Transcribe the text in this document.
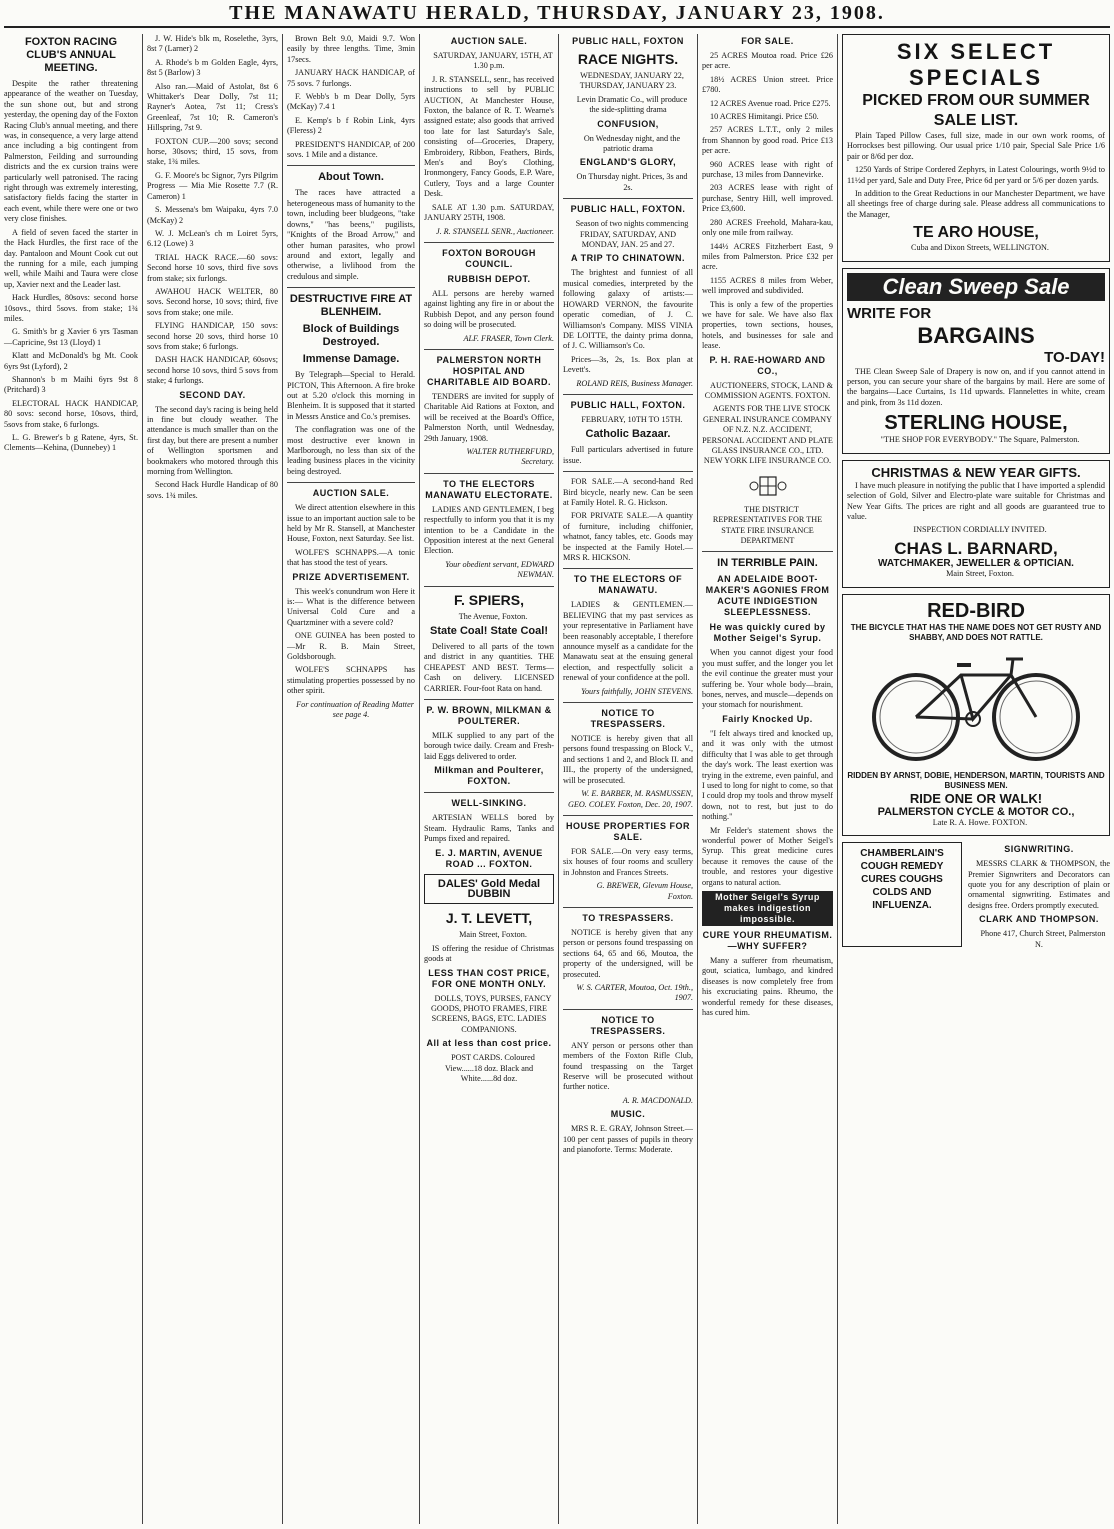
THE MANAWATU HERALD, THURSDAY, JANUARY 23, 1908.
FOXTON RACING CLUB'S ANNUAL MEETING.

Despite the rather threatening appearance of the weather on Tuesday, the sun shone out, but and strong yesterday, the opening day of the Foxton Racing Club's annual meeting, and there was, in consequence, a very large attend ance including a big contingent from Palmerston, Feilding and surrounding districts and the ex cursion trains were particularly well patronised. The racing right through was extremely interesting, satisfactory fields facing the starter in each event, while there were one or two very close finishes.

A field of seven faced the starter in the Hack Hurdles, the first race of the day. Pantaloon and Mount Cook cut out the running for a mile, each jumping well, while Maihi and Taura were close up, Xavier next and the Leader last.

Hack Hurdles, 80sovs: second horse 10sovs., third 5sovs. from stake; 1¾ miles.

G. Smith's br g Xavier 6 yrs Tasman—Capricine, 9st 13 (Lloyd) 1

Klatt and McDonald's bg Mt. Cook 6yrs 9st (Lyford), 2

Shannon's b m Maihi 6yrs 9st 8 (Pritchard) 3

ELECTORAL HACK HANDICAP, 80 sovs: second horse, 10sovs, third, 5sovs from stake, 6 furlongs.

L. G. Brewer's b g Ratene, 4yrs, St. Clements—Kehina, (Dunnebey) 1

J. W. Hide's blk m, Roselethe, 3yrs, 8st 7 (Larner) 2

A. Rhode's b m Golden Eagle, 4yrs, 8st 5 (Barlow) 3

Also ran.—Maid of Astolat, 8st 6 Whittaker's Dear Dolly, 7st 11; Rayner's Aotea, 7st 11; Cress's Greenleaf, 7st 10; R. Cameron's Hillspring, 7st 9.

FOXTON CUP.—200 sovs; second horse, 30sovs; third, 15 sovs, from stake, 1¾ miles.

G. F. Moore's bc Signor, 7yrs Pilgrim Progress — Mia Mie Rosette 7.7 (R. Cameron) 1

S. Messena's bm Waipaku, 4yrs 7.0 (McKay) 2

W. J. McLean's ch m Loiret 5yrs, 6.12 (Lowe) 3

TRIAL HACK RACE.—60 sovs: Second horse 10 sovs, third five sovs from stake; six furlongs.

AWAHOU HACK WELTER, 80 sovs. Second horse, 10 sovs; third, five sovs from stake; one mile.

FLYING HANDICAP, 150 sovs: second horse 20 sovs, third horse 10 sovs from stake; 6 furlongs.

DASH HACK HANDICAP, 60sovs; second horse 10 sovs, third 5 sovs from stake; 4 furlongs.

SECOND DAY.

The second day's racing is being held in fine but cloudy weather. The attendance is much smaller than on the first day, but there are present a number of Wellington sportsmen and bookmakers who motored through this morning from Wellington.

Second Hack Hurdle Handicap of 80 sovs. 1¾ miles.

Brown Belt 9.0, Maidi 9.7. Won easily by three lengths. Time, 3min 17secs.

JANUARY HACK HANDICAP, of 75 sovs. 7 furlongs.

F. Webb's b m Dear Dolly, 5yrs (McKay) 7.4 1

E. Kemp's b f Robin Link, 4yrs (Fleress) 2

PRESIDENT'S HANDICAP, of 200 sovs. 1 Mile and a distance.

About Town.

The races have attracted a heterogeneous mass of humanity to the town, including beer bludgeons, "take downs," "has beens," pugilists, "Knights of the Broad Arrow," and other human parasites, who prowl around and extort, legally and otherwise, a livlihood from the credulous and simple.

DESTRUCTIVE FIRE AT BLENHEIM.
Block of Buildings Destroyed.
Immense Damage.

By Telegraph—Special to Herald. PICTON, This Afternoon. A fire broke out at 5.20 o'clock this morning in Blenheim. It is supposed that it started in Messrs Anstice and Co.'s premises.

The conflagration was one of the most destructive ever known in Marlborough, no less than six of the leading business places in the vicinity being destroyed.

AUCTION SALE.

We direct attention elsewhere in this issue to an important auction sale to be held by Mr R. Stansell, at Manchester House, Foxton, next Saturday. See list.

WOLFE'S SCHNAPPS.—A tonic that has stood the test of years.

PRIZE ADVERTISEMENT.

This week's conundrum won Here it is:— What is the difference between Universal Cold Cure and a Quartzminer with a severe cold?

ONE GUINEA has been posted to—Mr R. B. Main Street, Goldsborough.

WOLFE'S SCHNAPPS has stimulating properties possessed by no other spirit.

For continuation of Reading Matter see page 4.

AUCTION SALE.

SATURDAY, JANUARY, 15TH, AT 1.30 p.m.

J. R. STANSELL, senr., has received instructions to sell by PUBLIC AUCTION, At Manchester House, Foxton, the balance of R. T. Wearne's assigned estate; also goods that arrived too late for last Saturday's Sale, consisting of—Groceries, Drapery, Embroidery, Ribbon, Feathers, Birds, Men's and Boy's Clothing, Ironmongery, Fancy Goods, E.P. Ware, Cutlery, Toys and a large Counter Desk.

SALE AT 1.30 p.m. SATURDAY, JANUARY 25TH, 1908.

J. R. STANSELL SENR., Auctioneer.

FOXTON BOROUGH COUNCIL.
RUBBISH DEPOT.

ALL persons are hereby warned against lighting any fire in or about the Rubbish Depot, and any person found so doing will be prosecuted.

ALF. FRASER, Town Clerk.

PALMERSTON NORTH HOSPITAL AND CHARITABLE AID BOARD.

TENDERS are invited for supply of Charitable Aid Rations at Foxton, and will be received at the Board's Office, Palmerston North, until Wednesday, 29th January, 1908.

WALTER RUTHERFURD, Secretary.

TO THE ELECTORS MANAWATU ELECTORATE.

LADIES AND GENTLEMEN, I beg respectfully to inform you that it is my intention to be a Candidate in the Opposition interest at the next General Election.

Your obedient servant, EDWARD NEWMAN.

F. SPIERS,

The Avenue, Foxton.

State Coal! State Coal!

Delivered to all parts of the town and district in any quantities. THE CHEAPEST AND BEST. Terms—Cash on delivery. LICENSED CARRIER. Four-foot Rata on hand.

P. W. BROWN, MILKMAN & POULTERER.

MILK supplied to any part of the borough twice daily. Cream and Fresh-laid Eggs delivered to order.

Milkman and Poulterer, FOXTON.
WELL-SINKING.

ARTESIAN WELLS bored by Steam. Hydraulic Rams, Tanks and Pumps fixed and repaired.

E. J. MARTIN, AVENUE ROAD ... FOXTON.
DALES' Gold Medal DUBBIN
J. T. LEVETT,

Main Street, Foxton.

IS offering the residue of Christmas goods at

LESS THAN COST PRICE, FOR ONE MONTH ONLY.

DOLLS, TOYS, PURSES, FANCY GOODS, PHOTO FRAMES, FIRE SCREENS, BAGS, ETC. LADIES COMPANIONS.

All at less than cost price.

POST CARDS. Coloured View......18 doz. Black and White......8d doz.

PUBLIC HALL, FOXTON
RACE NIGHTS.

WEDNESDAY, JANUARY 22, THURSDAY, JANUARY 23.

Levin Dramatic Co., will produce the side-splitting drama

CONFUSION,

On Wednesday night, and the patriotic drama

ENGLAND'S GLORY,

On Thursday night. Prices, 3s and 2s.

PUBLIC HALL, FOXTON.

Season of two nights commencing FRIDAY, SATURDAY, AND MONDAY, JAN. 25 and 27.

A TRIP TO CHINATOWN.

The brightest and funniest of all musical comedies, interpreted by the following galaxy of artists:—HOWARD VERNON, the favourite operatic comedian, of J. C. Williamson's Company. MISS VINIA DE LOITTE, the dainty prima donna, of J. C. Williamson's Co.

Prices—3s, 2s, 1s. Box plan at Levett's.

ROLAND REIS, Business Manager.

PUBLIC HALL, FOXTON.

FEBRUARY, 10TH TO 15TH.

Catholic Bazaar.

Full particulars advertised in future issue.

FOR SALE.—A second-hand Red Bird bicycle, nearly new. Can be seen at Family Hotel. R. G. Hickson.

FOR PRIVATE SALE.—A quantity of furniture, including chiffonier, whatnot, fancy tables, etc. Goods may be inspected at the Family Hotel.—MRS R. HICKSON.

TO THE ELECTORS OF MANAWATU.

LADIES & GENTLEMEN.— BELIEVING that my past services as your representative in Parliament have been reasonably acceptable, I therefore announce myself as a candidate for the Manawatu seat at the ensuing general election, and respectfully solicit a renewal of your confidence at the poll.

Yours faithfully, JOHN STEVENS.

NOTICE TO TRESPASSERS.

NOTICE is hereby given that all persons found trespassing on Block V., and sections 1 and 2, and Block II. and III., the property of the undersigned, will be prosecuted.

W. E. BARBER, M. RASMUSSEN, GEO. COLEY. Foxton, Dec. 20, 1907.

HOUSE PROPERTIES FOR SALE.

FOR SALE.—On very easy terms, six houses of four rooms and scullery in Johnston and Frances Streets.

G. BREWER, Glevum House, Foxton.

TO TRESPASSERS.

NOTICE is hereby given that any person or persons found trespassing on sections 64, 65 and 66, Moutoa, the property of the undersigned, will be prosecuted.

W. S. CARTER, Moutoa, Oct. 19th., 1907.

NOTICE TO TRESPASSERS.

ANY person or persons other than members of the Foxton Rifle Club, found trespassing on the Target Reserve will be prosecuted without further notice.

A. R. MACDONALD.

MUSIC.

MRS R. E. GRAY, Johnson Street.—100 per cent passes of pupils in theory and pianoforte. Terms: Moderate.

FOR SALE.

25 ACRES Moutoa road. Price £26 per acre.

18½ ACRES Union street. Price £780.

12 ACRES Avenue road. Price £275.

10 ACRES Himitangi. Price £50.

257 ACRES L.T.T., only 2 miles from Shannon by good road. Price £13 per acre.

960 ACRES lease with right of purchase, 13 miles from Dannevirke.

203 ACRES lease with right of purchase, Sentry Hill, well improved. Price £3,600.

280 ACRES Freehold, Mahara-kau, only one mile from railway.

144½ ACRES Fitzherbert East, 9 miles from Palmerston. Price £32 per acre.

1155 ACRES 8 miles from Weber, well improved and subdivided.

This is only a few of the properties we have for sale. We have also flax properties, town sections, houses, hotels, and businesses for sale and lease.

P. H. RAE-HOWARD AND CO.,

AUCTIONEERS, STOCK, LAND & COMMISSION AGENTS. FOXTON.

AGENTS FOR THE LIVE STOCK GENERAL INSURANCE COMPANY OF N.Z. N.Z. ACCIDENT, PERSONAL ACCIDENT AND PLATE GLASS INSURANCE CO., LTD. NEW YORK LIFE INSURANCE CO.

THE DISTRICT REPRESENTATIVES FOR THE STATE FIRE INSURANCE DEPARTMENT

IN TERRIBLE PAIN.
AN ADELAIDE BOOT-MAKER'S AGONIES FROM ACUTE INDIGESTION SLEEPLESSNESS.
He was quickly cured by Mother Seigel's Syrup.

When you cannot digest your food you must suffer, and the longer you let the evil continue the greater must your suffering be. Your whole body—brain, bones, nerves, and muscle—depends on your stomach for nourishment.

Fairly Knocked Up.

"I felt always tired and knocked up, and it was only with the utmost difficulty that I was able to get through the day's work. The least exertion was trying in the extreme, even painful, and I used to long for night to come, so that I could drop my tools and throw myself down, not to rest, but just to do nothing."

Mr Felder's statement shows the wonderful power of Mother Seigel's Syrup. This great medicine cures because it removes the cause of the trouble, and restores your digestive organs to natural action.

Mother Seigel's Syrup makes indigestion impossible.
CURE YOUR RHEUMATISM.—WHY SUFFER?

Many a sufferer from rheumatism, gout, sciatica, lumbago, and kindred diseases is now completely free from his excruciating pains. Rheumo, the wonderful remedy for these diseases, has cured him.

SIX SELECT SPECIALS
PICKED FROM OUR SUMMER SALE LIST.

Plain Taped Pillow Cases, full size, made in our own work rooms, of Horrockses best pillowing. Our usual price 1/10 pair, Special Sale Price 1/6 pair or 8/6d per doz.

1250 Yards of Stripe Cordered Zephyrs, in Latest Colourings, worth 9½d to 11½d per yard, Sale and Duty Free, Price 6d per yard or 5/6 per dozen yards.

In addition to the Great Reductions in our Manchester Department, we have all sheetings free of charge during sale. Please address all communications to the Manager,

TE ARO HOUSE,

Cuba and Dixon Streets, WELLINGTON.

Clean Sweep Sale
WRITE FOR
BARGAINS
TO-DAY!

THE Clean Sweep Sale of Drapery is now on, and if you cannot attend in person, you can secure your share of the bargains by mail. Here are some of the bargains—Lace Curtains, 1s 11d upwards. Flannelettes in white, cream and pink, from 3s 11d dozen.

STERLING HOUSE,

"THE SHOP FOR EVERYBODY." The Square, Palmerston.

CHRISTMAS & NEW YEAR GIFTS.

I have much pleasure in notifying the public that I have imported a splendid selection of Gold, Silver and Electro-plate ware suitable for Christmas and New Year Gifts. The prices are right and all goods are guaranteed true to value.

INSPECTION CORDIALLY INVITED.

CHAS L. BARNARD,
WATCHMAKER, JEWELLER & OPTICIAN.

Main Street, Foxton.

RED-BIRD
THE BICYCLE THAT HAS THE NAME DOES NOT GET RUSTY AND SHABBY, AND DOES NOT RATTLE.
RIDDEN BY ARNST, DOBIE, HENDERSON, MARTIN, TOURISTS AND BUSINESS MEN.
RIDE ONE OR WALK!
PALMERSTON CYCLE & MOTOR CO.,

Late R. A. Howe. FOXTON.

CHAMBERLAIN'S COUGH REMEDY CURES COUGHS COLDS AND INFLUENZA.
SIGNWRITING.

MESSRS CLARK & THOMPSON, the Premier Signwriters and Decorators can quote you for any description of plain or ornamental signwriting. Estimates and designs free. Orders promptly executed.

CLARK AND THOMPSON.

Phone 417, Church Street, Palmerston N.
